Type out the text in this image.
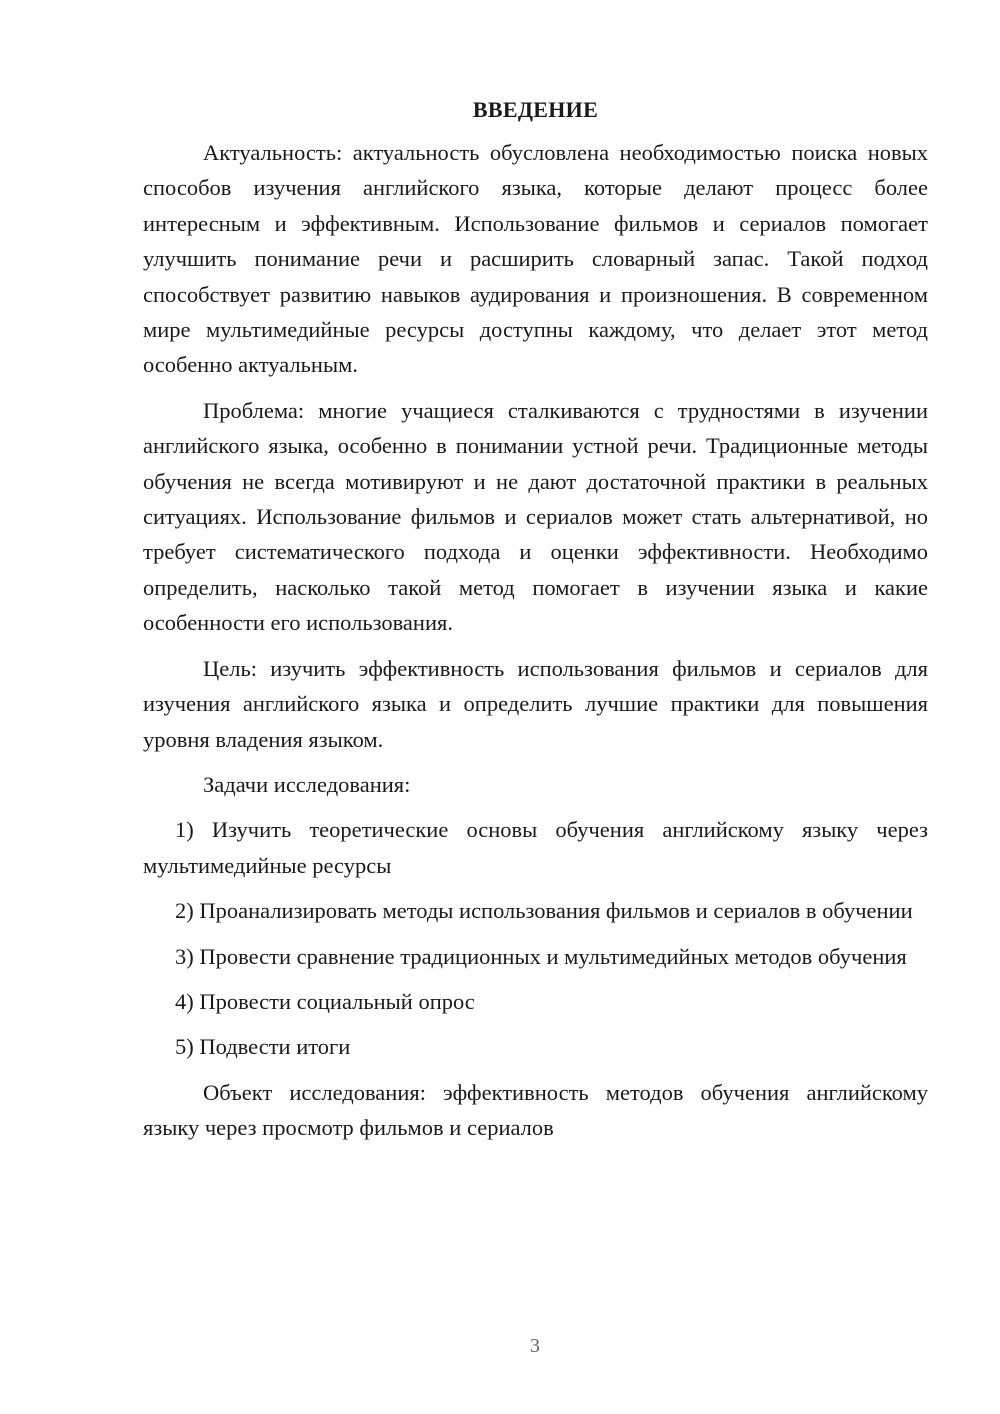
ВВЕДЕНИЕ

Актуальность: актуальность обусловлена необходимостью поиска новых способов изучения английского языка, которые делают процесс более интересным и эффективным. Использование фильмов и сериалов помогает улучшить понимание речи и расширить словарный запас. Такой подход способствует развитию навыков аудирования и произношения. В современном мире мультимедийные ресурсы доступны каждому, что делает этот метод особенно актуальным.

Проблема: многие учащиеся сталкиваются с трудностями в изучении английского языка, особенно в понимании устной речи. Традиционные методы обучения не всегда мотивируют и не дают достаточной практики в реальных ситуациях. Использование фильмов и сериалов может стать альтернативой, но требует систематического подхода и оценки эффективности. Необходимо определить, насколько такой метод помогает в изучении языка и какие особенности его использования.

Цель: изучить эффективность использования фильмов и сериалов для изучения английского языка и определить лучшие практики для повышения уровня владения языком.

Задачи исследования:

1) Изучить теоретические основы обучения английскому языку через мультимедийные ресурсы

2) Проанализировать методы использования фильмов и сериалов в обучении

3) Провести сравнение традиционных и мультимедийных методов обучения

4) Провести социальный опрос

5) Подвести итоги

Объект исследования: эффективность методов обучения английскому языку через просмотр фильмов и сериалов

3
